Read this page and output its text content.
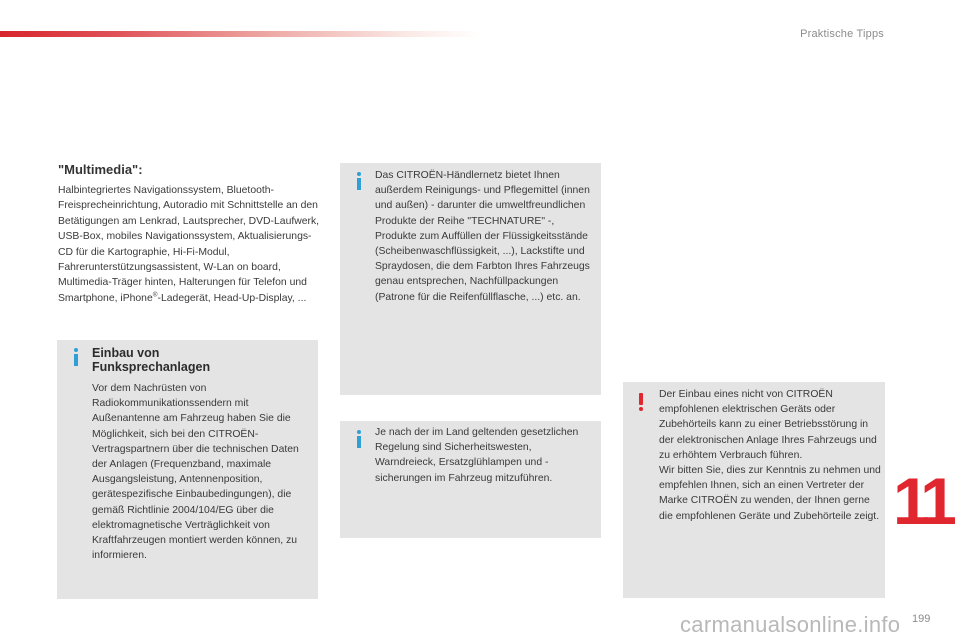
Praktische Tipps
"Multimedia":
Halbintegriertes Navigationssystem, Bluetooth-Freisprecheinrichtung, Autoradio mit Schnittstelle an den Betätigungen am Lenkrad, Lautsprecher, DVD-Laufwerk, USB-Box, mobiles Navigationssystem, Aktualisierungs-CD für die Kartographie, Hi-Fi-Modul, Fahrerunterstützungsassistent, W-Lan on board, Multimedia-Träger hinten, Halterungen für Telefon und Smartphone, iPhone®-Ladegerät, Head-Up-Display, ...
Einbau von Funksprechanlagen
Vor dem Nachrüsten von Radiokommunikationssendern mit Außenantenne am Fahrzeug haben Sie die Möglichkeit, sich bei den CITROËN-Vertragspartnern über die technischen Daten der Anlagen (Frequenzband, maximale Ausgangsleistung, Antennenposition, gerätespezifische Einbaubedingungen), die gemäß Richtlinie 2004/104/EG über die elektromagnetische Verträglichkeit von Kraftfahrzeugen montiert werden können, zu informieren.
Das CITROËN-Händlernetz bietet Ihnen außerdem Reinigungs- und Pflegemittel (innen und außen) - darunter die umweltfreundlichen Produkte der Reihe "TECHNATURE" -, Produkte zum Auffüllen der Flüssigkeitsstände (Scheibenwaschflüssigkeit, ...), Lackstifte und Spraydosen, die dem Farbton Ihres Fahrzeugs genau entsprechen, Nachfüllpackungen (Patrone für die Reifenfüllflasche, ...) etc. an.
Je nach der im Land geltenden gesetzlichen Regelung sind Sicherheitswesten, Warndreieck, Ersatzglühlampen und -sicherungen im Fahrzeug mitzuführen.
Der Einbau eines nicht von CITROËN empfohlenen elektrischen Geräts oder Zubehörteils kann zu einer Betriebsstörung in der elektronischen Anlage Ihres Fahrzeugs und zu erhöhtem Verbrauch führen.
Wir bitten Sie, dies zur Kenntnis zu nehmen und empfehlen Ihnen, sich an einen Vertreter der Marke CITROËN zu wenden, der Ihnen gerne die empfohlenen Geräte und Zubehörteile zeigt. 11
199
carmanualsonline.info
